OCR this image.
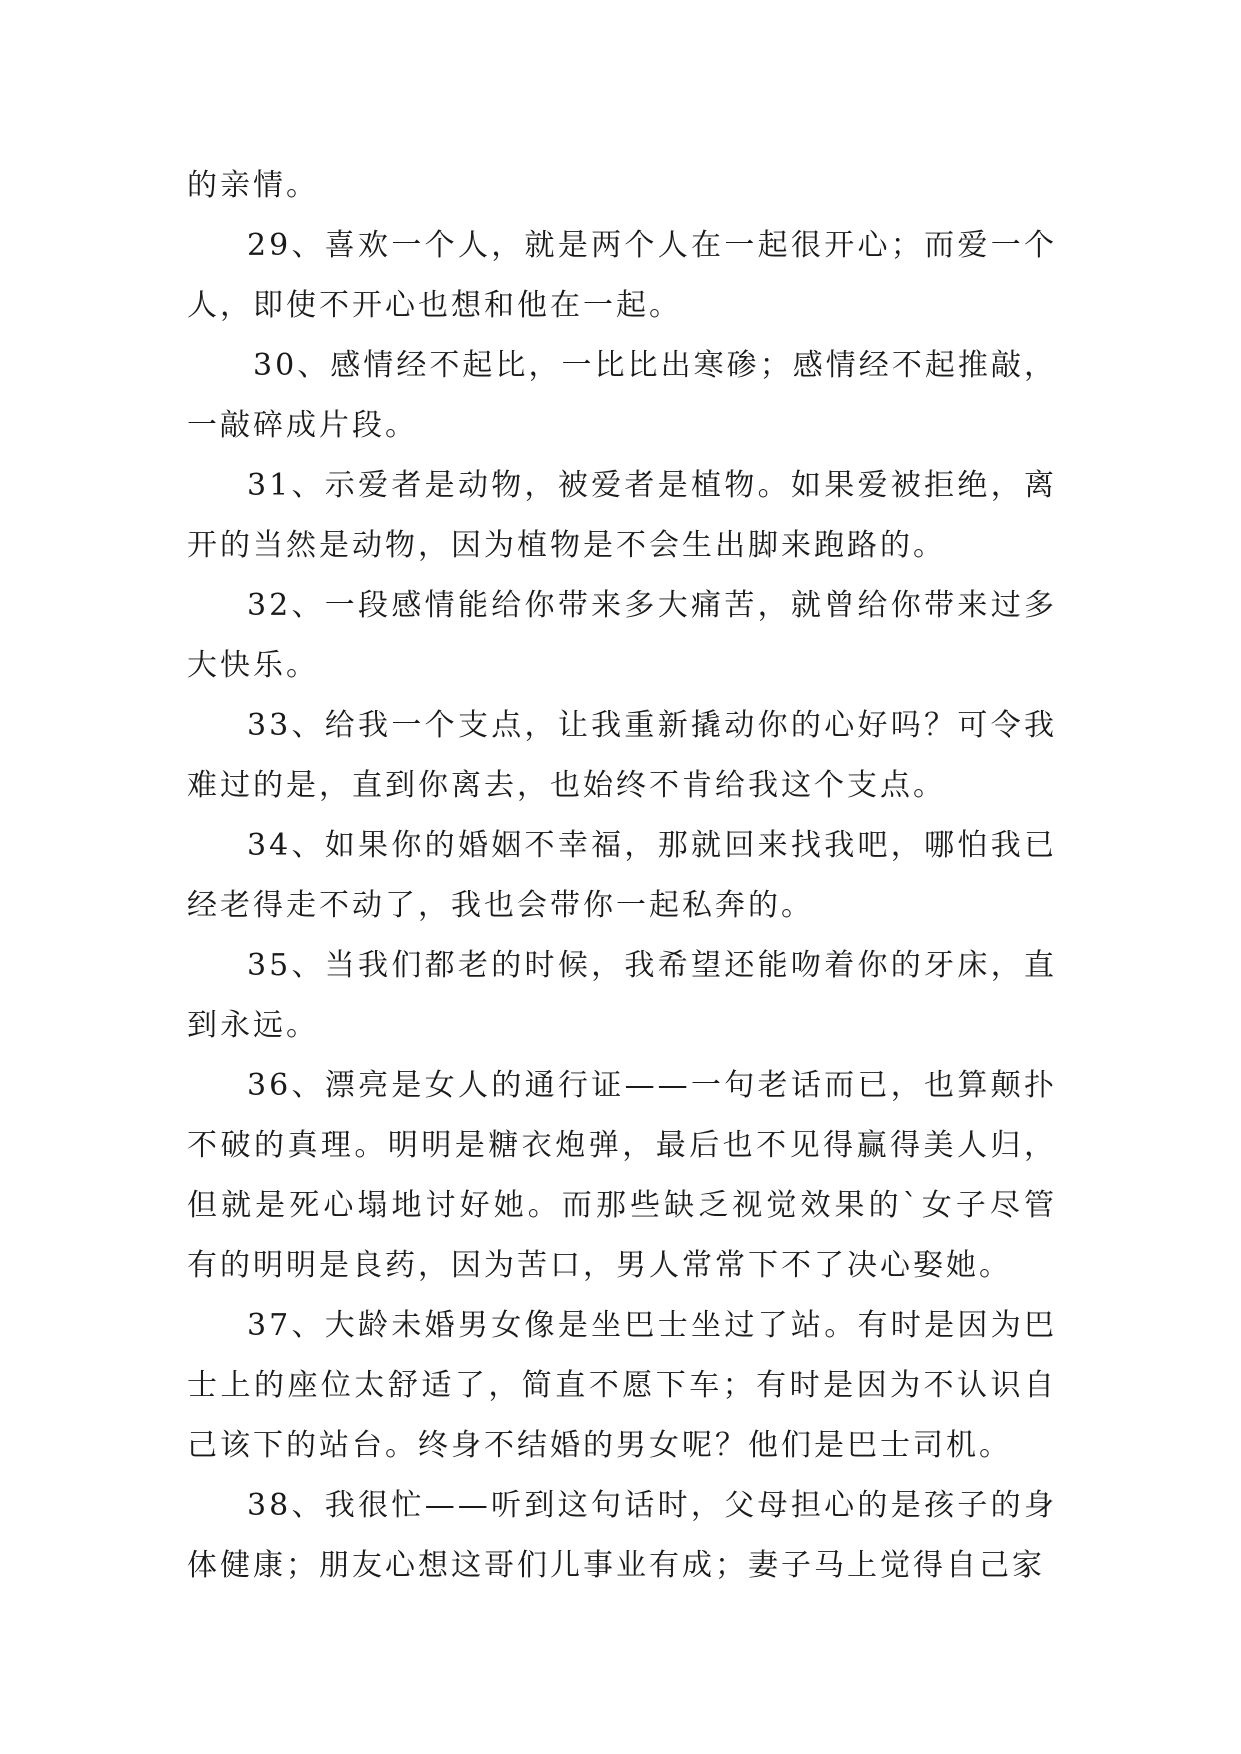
的亲情。

29、喜欢一个人，就是两个人在一起很开心；而爱一个人，即使不开心也想和他在一起。

30、感情经不起比，一比比出寒碜；感情经不起推敲，一敲碎成片段。

31、示爱者是动物，被爱者是植物。如果爱被拒绝，离开的当然是动物，因为植物是不会生出脚来跑路的。

32、一段感情能给你带来多大痛苦，就曾给你带来过多大快乐。

33、给我一个支点，让我重新撬动你的心好吗？可令我难过的是，直到你离去，也始终不肯给我这个支点。

34、如果你的婚姻不幸福，那就回来找我吧，哪怕我已经老得走不动了，我也会带你一起私奔的。

35、当我们都老的时候，我希望还能吻着你的牙床，直到永远。

36、漂亮是女人的通行证——一句老话而已，也算颠扑不破的真理。明明是糖衣炮弹，最后也不见得赢得美人归，但就是死心塌地讨好她。而那些缺乏视觉效果的`女子尽管有的明明是良药，因为苦口，男人常常下不了决心娶她。

37、大龄未婚男女像是坐巴士坐过了站。有时是因为巴士上的座位太舒适了，简直不愿下车；有时是因为不认识自己该下的站台。终身不结婚的男女呢？他们是巴士司机。

38、我很忙——听到这句话时，父母担心的是孩子的身体健康；朋友心想这哥们儿事业有成；妻子马上觉得自己家
